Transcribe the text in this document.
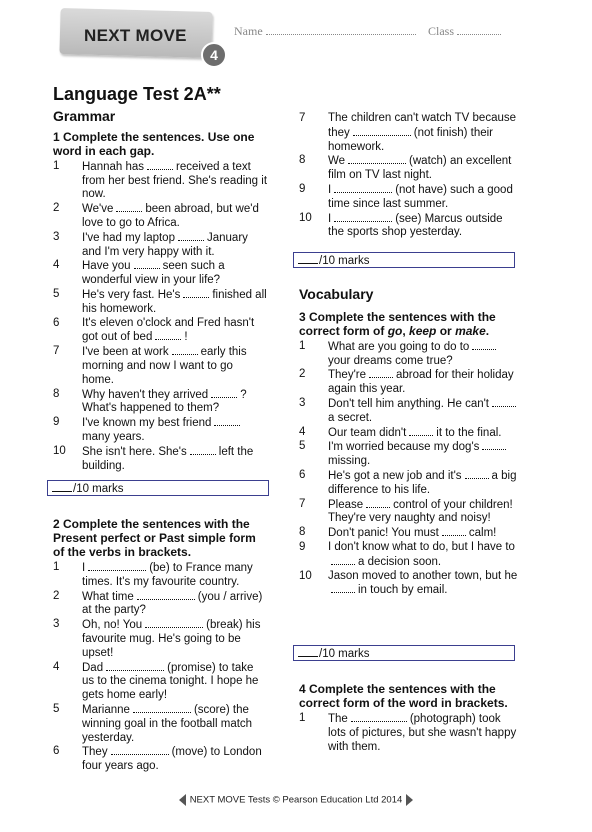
NEXT MOVE
4
Name	Class
Language Test 2A**
Grammar
1 Complete the sentences. Use one word in each gap.
1	Hannah has	received a text from her best friend. She's reading it now.
2	We've	been abroad, but we'd love to go to Africa.
3	I've had my laptop	January and I'm very happy with it.
4	Have you	seen such a wonderful view in your life?
5	He's very fast. He's	finished all his homework.
6	It's eleven o'clock and Fred hasn't got out of bed	!
7	I've been at work	early this morning and now I want to go home.
8	Why haven't they arrived	? What's happened to them?
9	I've known my best friendmany years.
10	She isn't here. She's	left the building.
/10 marks
2 Complete the sentences with the Present perfect or Past simple form of the verbs in brackets.
1	I	(be) to France many times. It's my favourite country.
2	What time	(you / arrive) at the party?
3	Oh, no! You	(break) his favourite mug. He's going to be upset!
4	Dad	(promise) to take us to the cinema tonight. I hope he gets home early!
5	Marianne	(score) the winning goal in the football match yesterday.
6	They	(move) to London four years ago.
7	The children can't watch TV because they	(not finish) their homework.
8	We	(watch) an excellent film on TV last night.
9	I	(not have) such a good time since last summer.
10	I	(see) Marcus outside the sports shop yesterday.
/10 marks
Vocabulary
3 Complete the sentences with the correct form of go, keep or make.
1	What are you going to do toyour dreams come true?
2	They're	abroad for their holiday again this year.
3	Don't tell him anything. He can'ta secret.
4	Our team didn't	it to the final.
5	I'm worried because my dog'smissing.
6	He's got a new job and it's	a big difference to his life.
7	Please	control of your children! They're very naughty and noisy!
8	Don't panic! You must	calm!
9	I don't know what to do, but I have toa decision soon.
10	Jason moved to another town, but hein touch by email.
/10 marks
4 Complete the sentences with the correct form of the word in brackets.
1	The	(photograph) took lots of pictures, but she wasn't happy with them.
NEXT MOVE Tests © Pearson Education Ltd 2014
